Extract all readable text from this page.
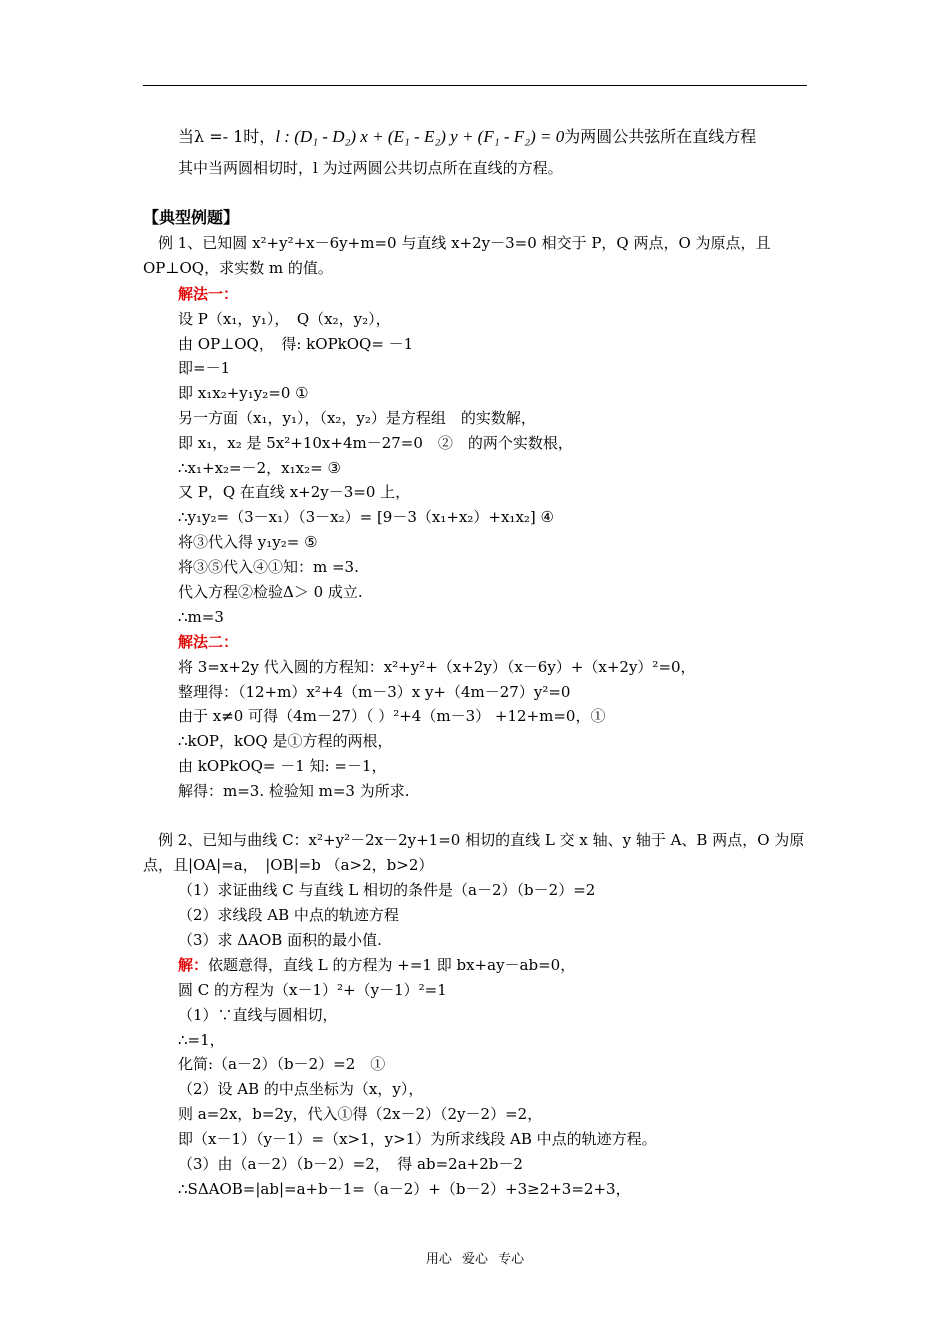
当λ =- 1时，l : (D₁ - D₂) x + (E₁ - E₂) y + (F₁ - F₂) = 0为两圆公共弦所在直线方程
其中当两圆相切时，l 为过两圆公共切点所在直线的方程。
【典型例题】
例 1、已知圆 x²+y²+x－6y+m=0 与直线 x+2y－3=0 相交于 P，Q 两点，O 为原点，且
OP⊥OQ，求实数 m 的值。
解法一：
设 P（x₁，y₁），　Q（x₂，y₂），
由 OP⊥OQ，　得: kOPkOQ= －1
即=－1
即 x₁x₂+y₁y₂=0 ①
另一方面（x₁，y₁），（x₂，y₂）是方程组　的实数解，
即 x₁，x₂ 是 5x²+10x+4m－27=0　②　的两个实数根，
∴x₁+x₂=－2，x₁x₂= ③
又 P，Q 在直线 x+2y－3=0 上，
∴y₁y₂=（3－x₁）（3－x₂）= [9－3（x₁+x₂）+x₁x₂] ④
将③代入得 y₁y₂= ⑤
将③⑤代入④①知：m =3.
代入方程②检验Δ＞ 0 成立.
∴m=3
解法二：
将 3=x+2y 代入圆的方程知：x²+y²+（x+2y）（x－6y）+（x+2y）²=0，
整理得：（12+m）x²+4（m－3）x y+（4m－27）y²=0
由于 x≠0 可得（4m－27）（ ）²+4（m－3） +12+m=0，①
∴kOP，kOQ 是①方程的两根，
由 kOPkOQ= －1 知: =－1，
解得：m=3. 检验知 m=3 为所求.
例 2、已知与曲线 C：x²+y²－2x－2y+1=0 相切的直线 L 交 x 轴、y 轴于 A、B 两点，O 为原
点，且|OA|=a，　|OB|=b （a>2，b>2）
（1）求证曲线 C 与直线 L 相切的条件是（a－2）（b－2）=2
（2）求线段 AB 中点的轨迹方程
（3）求 ΔAOB 面积的最小值.
解：依题意得，直线 L 的方程为 +=1 即 bx+ay－ab=0，
圆 C 的方程为（x－1）²+（y－1）²=1
（1）∵直线与圆相切，
∴=1，
化简:（a－2）（b－2）=2　①
（2）设 AB 的中点坐标为（x，y），
则 a=2x，b=2y，代入①得（2x－2）（2y－2）=2，
即（x－1）（y－1）=（x>1，y>1）为所求线段 AB 中点的轨迹方程。
（3）由（a－2）（b－2）=2，　得 ab=2a+2b－2
∴SΔAOB=|ab|=a+b－1=（a－2）+（b－2）+3≥2+3=2+3，
用心 爱心 专心
